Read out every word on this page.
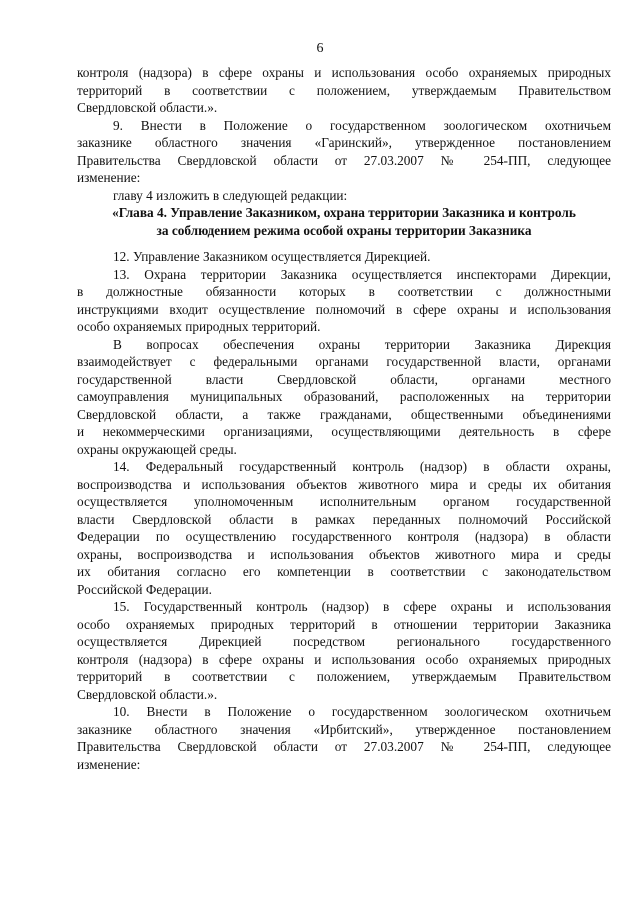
6
контроля (надзора) в сфере охраны и использования особо охраняемых природных
территорий в соответствии с положением, утверждаемым Правительством
Свердловской области.».
9. Внести в Положение о государственном зоологическом охотничьем
заказнике областного значения «Гаринский», утвержденное постановлением
Правительства Свердловской области от 27.03.2007 № 254-ПП, следующее
изменение:
главу 4 изложить в следующей редакции:
«Глава 4. Управление Заказником, охрана территории Заказника и контроль
за соблюдением режима особой охраны территории Заказника
12. Управление Заказником осуществляется Дирекцией.
13. Охрана территории Заказника осуществляется инспекторами Дирекции,
в должностные обязанности которых в соответствии с должностными
инструкциями входит осуществление полномочий в сфере охраны и использования
особо охраняемых природных территорий.
В вопросах обеспечения охраны территории Заказника Дирекция
взаимодействует с федеральными органами государственной власти, органами
государственной власти Свердловской области, органами местного
самоуправления муниципальных образований, расположенных на территории
Свердловской области, а также гражданами, общественными объединениями
и некоммерческими организациями, осуществляющими деятельность в сфере
охраны окружающей среды.
14. Федеральный государственный контроль (надзор) в области охраны,
воспроизводства и использования объектов животного мира и среды их обитания
осуществляется уполномоченным исполнительным органом государственной
власти Свердловской области в рамках переданных полномочий Российской
Федерации по осуществлению государственного контроля (надзора) в области
охраны, воспроизводства и использования объектов животного мира и среды
их обитания согласно его компетенции в соответствии с законодательством
Российской Федерации.
15. Государственный контроль (надзор) в сфере охраны и использования
особо охраняемых природных территорий в отношении территории Заказника
осуществляется Дирекцией посредством регионального государственного
контроля (надзора) в сфере охраны и использования особо охраняемых природных
территорий в соответствии с положением, утверждаемым Правительством
Свердловской области.».
10. Внести в Положение о государственном зоологическом охотничьем
заказнике областного значения «Ирбитский», утвержденное постановлением
Правительства Свердловской области от 27.03.2007 № 254-ПП, следующее
изменение:
